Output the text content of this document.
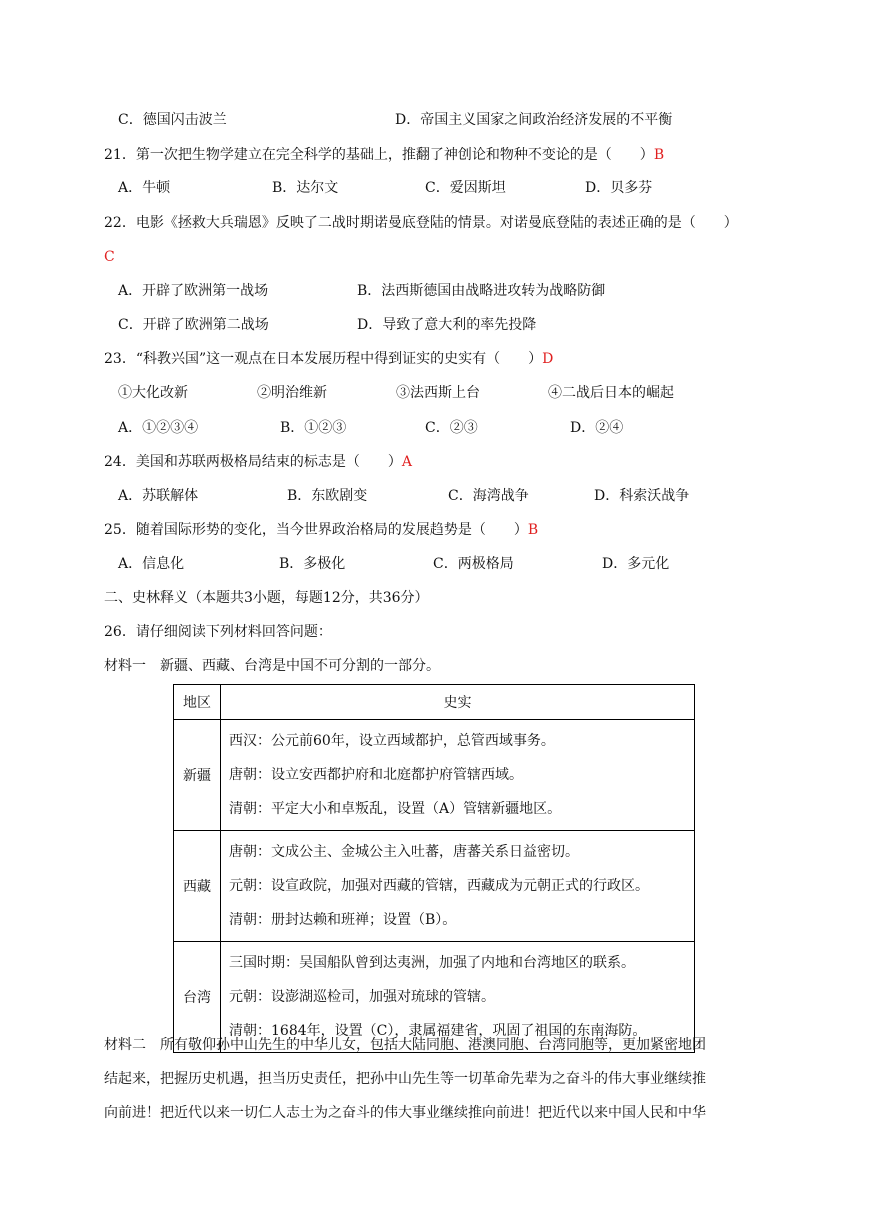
C．德国闪击波兰	D．帝国主义国家之间政治经济发展的不平衡
21．第一次把生物学建立在完全科学的基础上，推翻了神创论和物种不变论的是（　　）B
A．牛顿	B．达尔文	C．爱因斯坦	D．贝多芬
22．电影《拯救大兵瑞恩》反映了二战时期诺曼底登陆的情景。对诺曼底登陆的表述正确的是（　　）
C
A．开辟了欧洲第一战场	B．法西斯德国由战略进攻转为战略防御
C．开辟了欧洲第二战场	D．导致了意大利的率先投降
23．“科教兴国”这一观点在日本发展历程中得到证实的史实有（　　）D
①大化改新	②明治维新	③法西斯上台	④二战后日本的崛起
A．①②③④	B．①②③	C．②③	D．②④
24．美国和苏联两极格局结束的标志是（　　）A
A．苏联解体	B．东欧剧变	C．海湾战争	D．科索沃战争
25．随着国际形势的变化，当今世界政治格局的发展趋势是（　　）B
A．信息化	B．多极化	C．两极格局	D．多元化
二、史林释义（本题共3小题，每题12分，共36分）
26．请仔细阅读下列材料回答问题：
材料一　新疆、西藏、台湾是中国不可分割的一部分。
地区	史实
新疆	西汉：公元前60年，设立西域都护，总管西域事务。
唐朝：设立安西都护府和北庭都护府管辖西域。
清朝：平定大小和卓叛乱，设置（A）管辖新疆地区。

西藏	唐朝：文成公主、金城公主入吐蕃，唐蕃关系日益密切。
元朝：设宣政院，加强对西藏的管辖，西藏成为元朝正式的行政区。
清朝：册封达赖和班禅；设置（B）。

台湾	三国时期：吴国船队曾到达夷洲，加强了内地和台湾地区的联系。
元朝：设澎湖巡检司，加强对琉球的管辖。
清朝：1684年，设置（C），隶属福建省，巩固了祖国的东南海防。
材料二　所有敬仰孙中山先生的中华儿女，包括大陆同胞、港澳同胞、台湾同胞等，更加紧密地团
结起来，把握历史机遇，担当历史责任，把孙中山先生等一切革命先辈为之奋斗的伟大事业继续推
向前进！把近代以来一切仁人志士为之奋斗的伟大事业继续推向前进！把近代以来中国人民和中华
